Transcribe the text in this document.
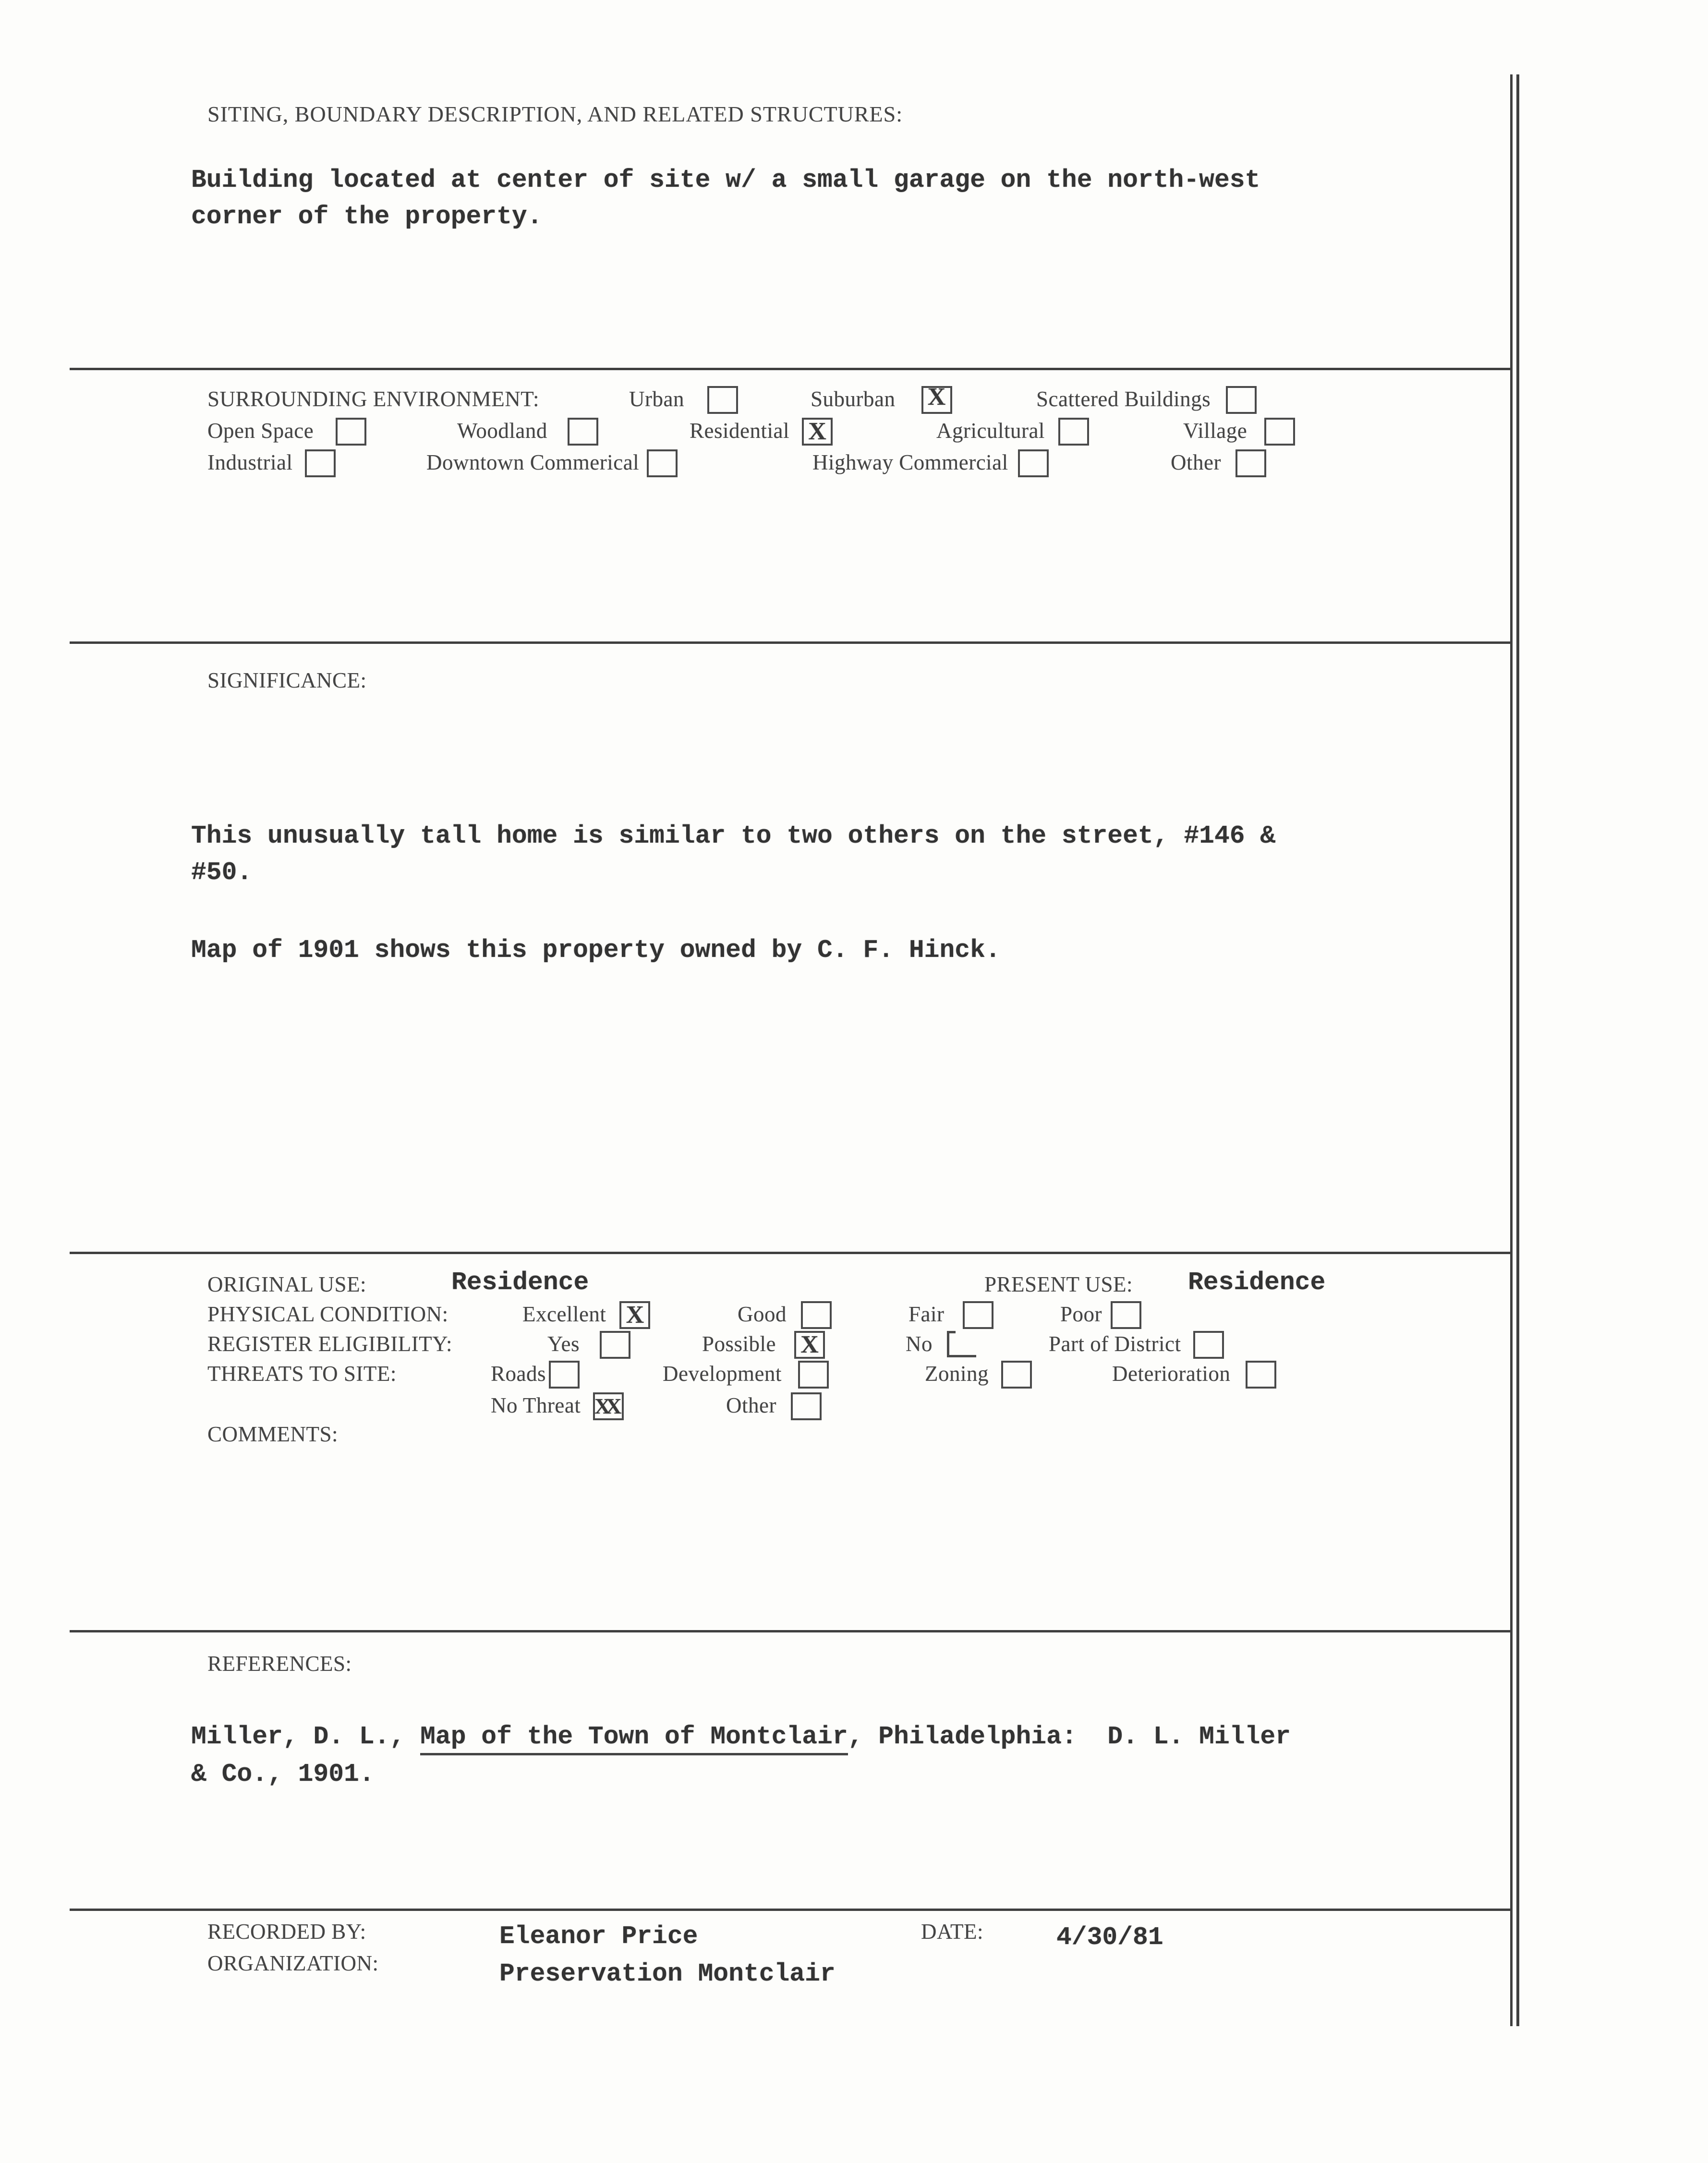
SITING, BOUNDARY DESCRIPTION, AND RELATED STRUCTURES:
Building located at center of site w/ a small garage on the north-west
corner of the property.
SURROUNDING ENVIRONMENT:	Urban	Suburban X	Scattered Buildings
Open Space	Woodland	Residential X	Agricultural	Village
Industrial	Downtown Commerical	Highway Commercial	Other
SIGNIFICANCE:
This unusually tall home is similar to two others on the street, #146 &
#50.
Map of 1901 shows this property owned by C. F. Hinck.
ORIGINAL USE:	Residence	PRESENT USE: Residence
PHYSICAL CONDITION:	Excellent X	Good	Fair	Poor
REGISTER ELIGIBILITY:	Yes	Possible X	No	Part of District
THREATS TO SITE:	Roads	Development	Zoning	Deterioration
No Threat XX	Other
COMMENTS:
REFERENCES:
Miller, D. L., Map of the Town of Montclair, Philadelphia:  D. L. Miller
& Co., 1901.
RECORDED BY:	Eleanor Price	DATE:	4/30/81
ORGANIZATION:	Preservation Montclair
